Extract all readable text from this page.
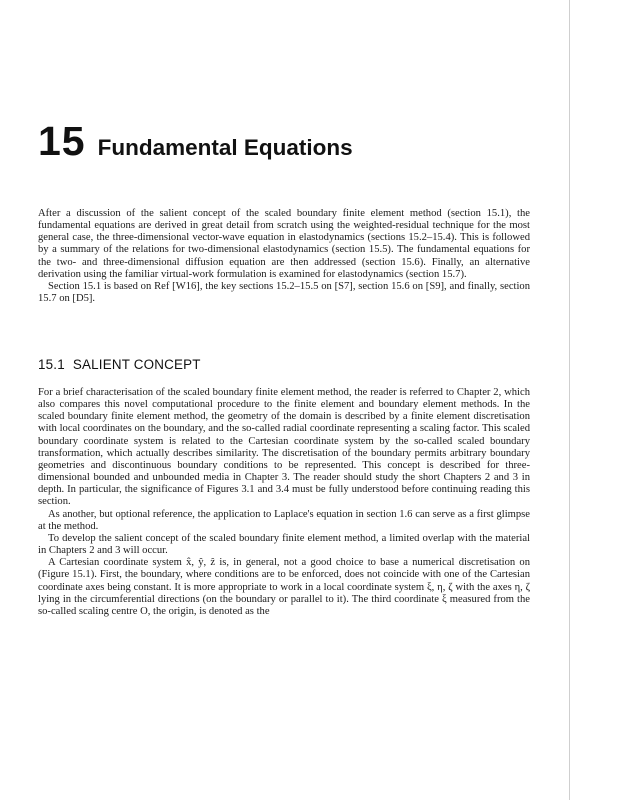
15 Fundamental Equations

After a discussion of the salient concept of the scaled boundary finite element method (section 15.1), the fundamental equations are derived in great detail from scratch using the weighted-residual technique for the most general case, the three-dimensional vector-wave equation in elastodynamics (sections 15.2–15.4). This is followed by a summary of the relations for two-dimensional elastodynamics (section 15.5). The fundamental equations for the two- and three-dimensional diffusion equation are then addressed (section 15.6). Finally, an alternative derivation using the familiar virtual-work formulation is examined for elastodynamics (section 15.7).

Section 15.1 is based on Ref [W16], the key sections 15.2–15.5 on [S7], section 15.6 on [S9], and finally, section 15.7 on [D5].

15.1 SALIENT CONCEPT

For a brief characterisation of the scaled boundary finite element method, the reader is referred to Chapter 2, which also compares this novel computational procedure to the finite element and boundary element methods. In the scaled boundary finite element method, the geometry of the domain is described by a finite element discretisation with local coordinates on the boundary, and the so-called radial coordinate representing a scaling factor. This scaled boundary coordinate system is related to the Cartesian coordinate system by the so-called scaled boundary transformation, which actually describes similarity. The discretisation of the boundary permits arbitrary boundary geometries and discontinuous boundary conditions to be represented. This concept is described for three-dimensional bounded and unbounded media in Chapter 3. The reader should study the short Chapters 2 and 3 in depth. In particular, the significance of Figures 3.1 and 3.4 must be fully understood before continuing reading this section.

As another, but optional reference, the application to Laplace's equation in section 1.6 can serve as a first glimpse at the method.

To develop the salient concept of the scaled boundary finite element method, a limited overlap with the material in Chapters 2 and 3 will occur.

A Cartesian coordinate system x̂, ŷ, ẑ is, in general, not a good choice to base a numerical discretisation on (Figure 15.1). First, the boundary, where conditions are to be enforced, does not coincide with one of the Cartesian coordinate axes being constant. It is more appropriate to work in a local coordinate system ξ, η, ζ with the axes η, ζ lying in the circumferential directions (on the boundary or parallel to it). The third coordinate ξ measured from the so-called scaling centre O, the origin, is denoted as the
